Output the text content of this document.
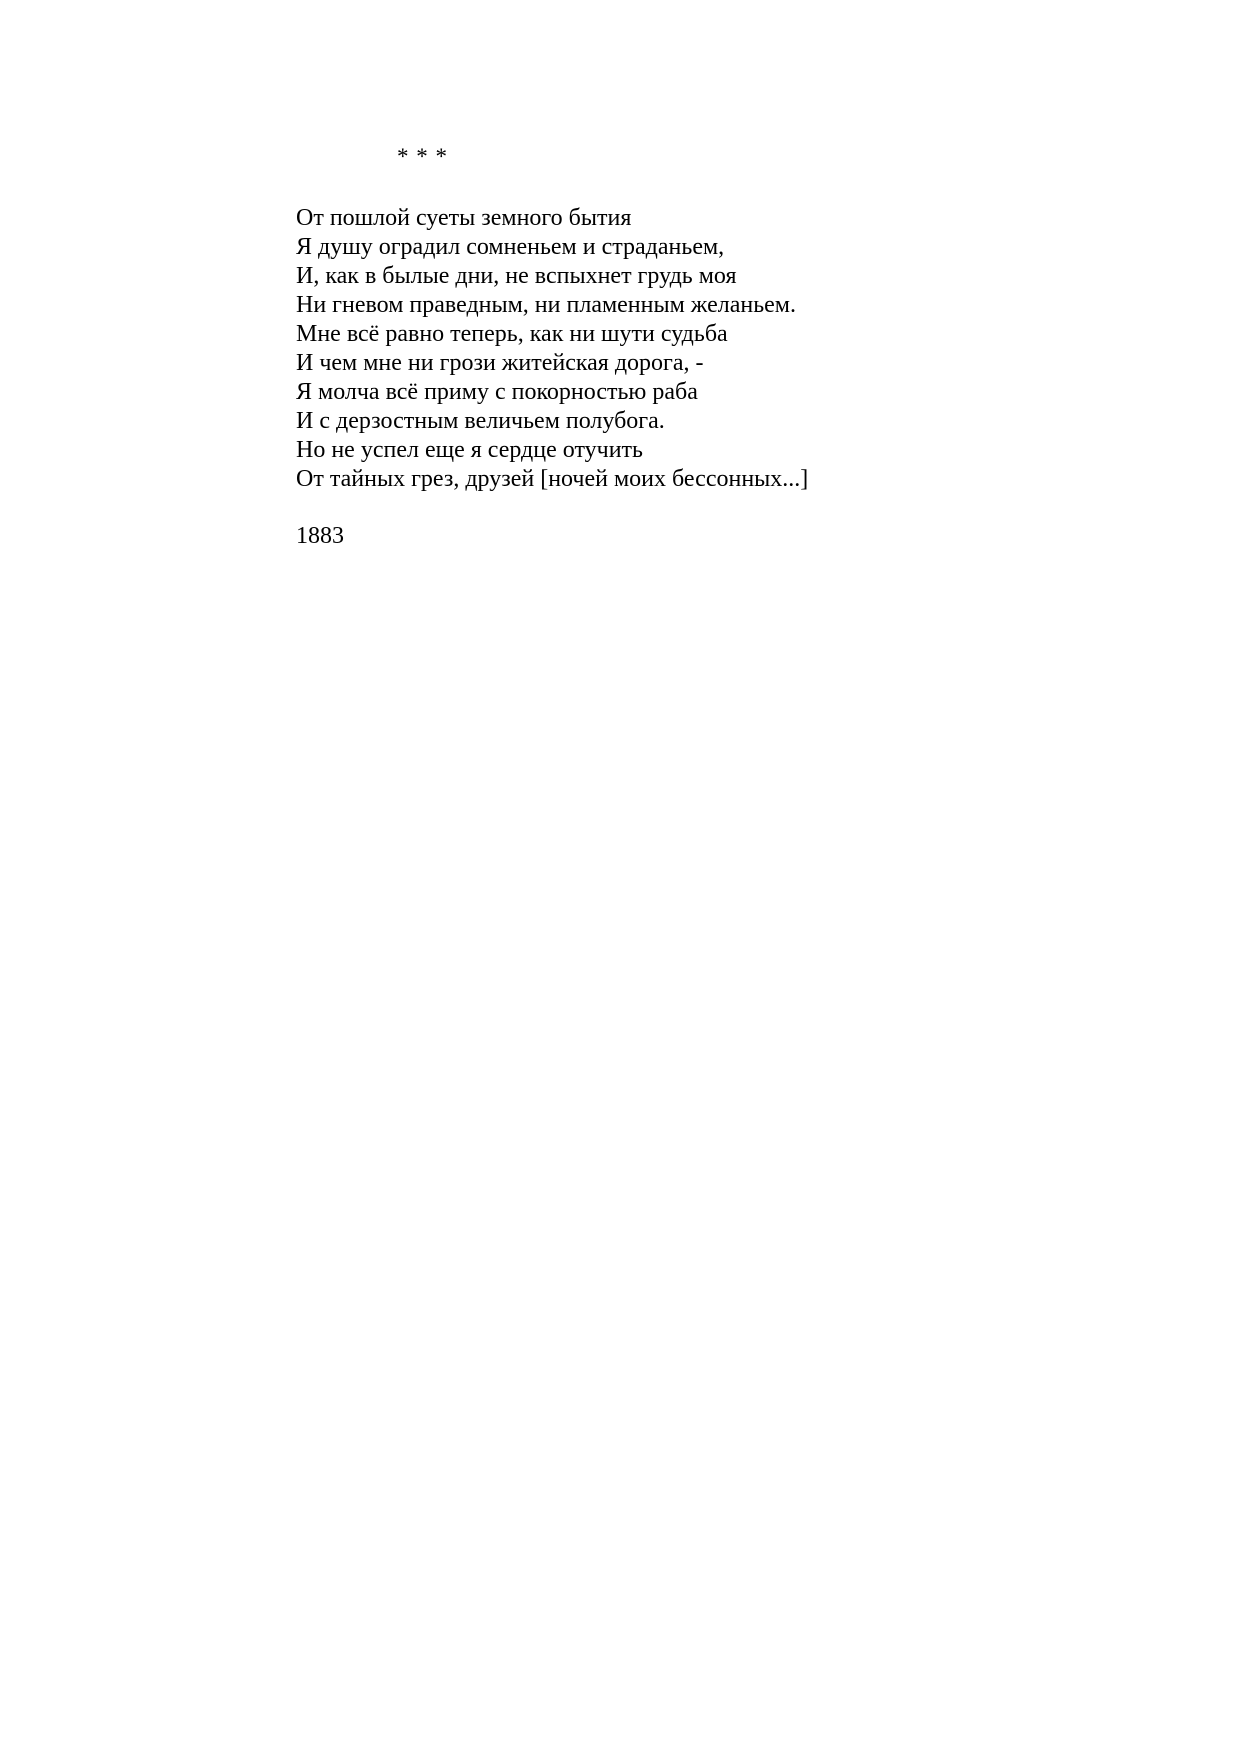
* * *
От пошлой суеты земного бытия
Я душу оградил сомненьем и страданьем,
И, как в былые дни, не вспыхнет грудь моя
Ни гневом праведным, ни пламенным желаньем.
Мне всё равно теперь, как ни шути судьба
И чем мне ни грози житейская дорога, -
Я молча всё приму с покорностью раба
И с дерзостным величьем полубога.
Но не успел еще я сердце отучить
От тайных грез, друзей [ночей моих бессонных...]
1883
